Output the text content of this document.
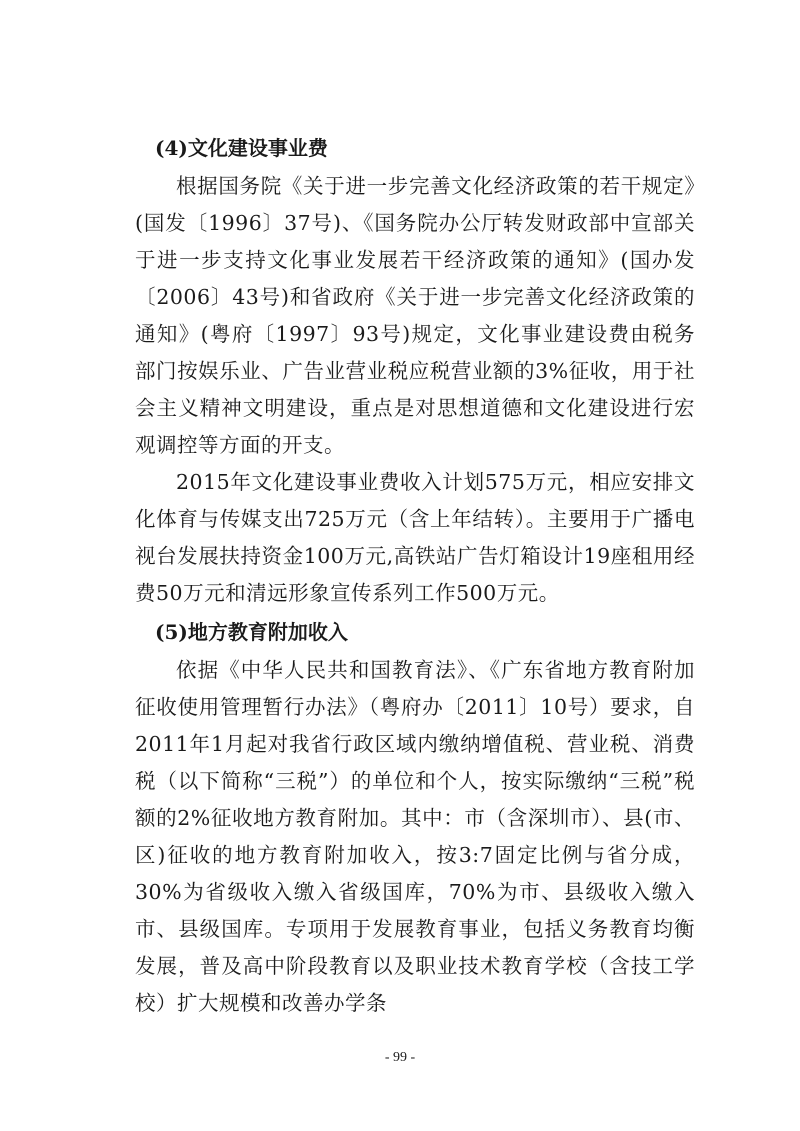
(4)文化建设事业费

根据国务院《关于进一步完善文化经济政策的若干规定》(国发〔1996〕37号)、《国务院办公厅转发财政部中宣部关于进一步支持文化事业发展若干经济政策的通知》(国办发〔2006〕43号)和省政府《关于进一步完善文化经济政策的通知》(粤府〔1997〕93号)规定，文化事业建设费由税务部门按娱乐业、广告业营业税应税营业额的3%征收，用于社会主义精神文明建设，重点是对思想道德和文化建设进行宏观调控等方面的开支。

2015年文化建设事业费收入计划575万元，相应安排文化体育与传媒支出725万元（含上年结转）。主要用于广播电视台发展扶持资金100万元,高铁站广告灯箱设计19座租用经费50万元和清远形象宣传系列工作500万元。

(5)地方教育附加收入

依据《中华人民共和国教育法》、《广东省地方教育附加征收使用管理暂行办法》（粤府办〔2011〕10号）要求，自2011年1月起对我省行政区域内缴纳增值税、营业税、消费税（以下简称“三税”）的单位和个人，按实际缴纳“三税”税额的2%征收地方教育附加。其中：市（含深圳市）、县(市、区)征收的地方教育附加收入，按3:7固定比例与省分成，30%为省级收入缴入省级国库，70%为市、县级收入缴入市、县级国库。专项用于发展教育事业，包括义务教育均衡发展，普及高中阶段教育以及职业技术教育学校（含技工学校）扩大规模和改善办学条

- 99 -
